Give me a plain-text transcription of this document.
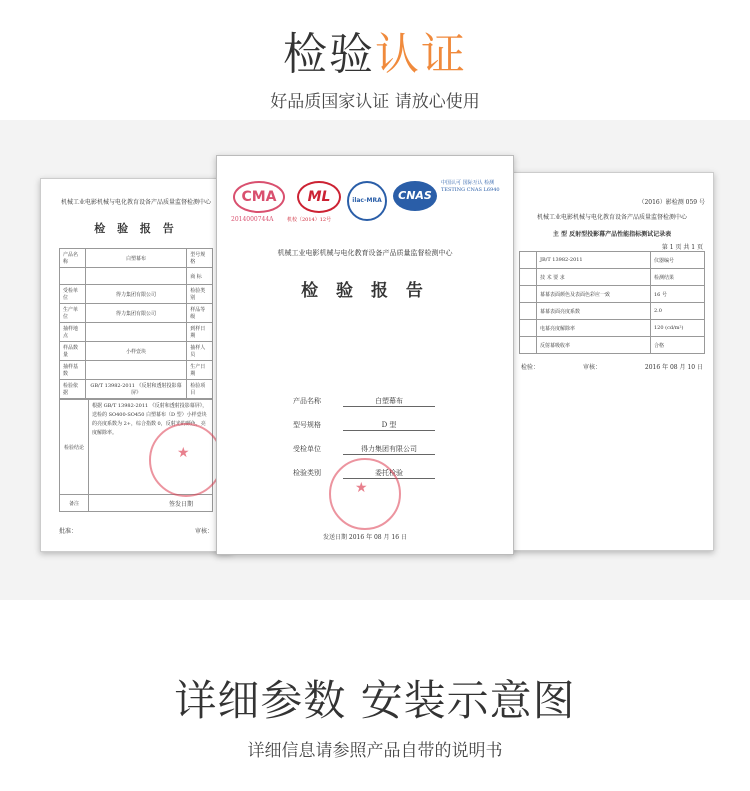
检验认证
好品质国家认证 请放心使用
机械工业电影机械与电化教育设备产品质量监督检测中心
检 验 报 告
产品名称	白塑幕布	型号规格
		商 标
受检单位	得力集团有限公司	检验类别
生产单位	得力集团有限公司	样品等级
抽样地点		到样日期
样品数量	小样壹块	抽样人员
抽样基数		生产日期
检验依据	GB/T 13982-2011 《反射和透射投影幕屏》	检验项目
检验结论	根据 GB/T 13982-2011 《反射和透射投影幕屏》，送检的 SO400-SO450 白塑幕布（D 型）小样壹块的亮度系数为 2+，综合指数 0，反射光的颜色，亮度解除率。
备注	
批准：	审核：
★
签发日期
（2016）影检测 059 号
机械工业电影机械与电化教育设备产品质量监督检测中心
主 型 反射型投影幕产品性能指标测试记录表
第 1 页 共 1 页
	JB/T 13982-2011	仪器编号
	技 术 要 求	检测结果
	幕幕表面颜色及表面色彩应一致	16 号
	幕幕表面亮度系数	2.0
	电幕亮度解除率	120 (cd/m²)
	反射幕吸收率	合格
检验：	审核：	2016 年 08 月 10 日
CMA
2014000744A
ML
机校（2014）12号
ilac-MRA	CNAS
中国认可 国际互认 检测 TESTING CNAS L6940
机械工业电影机械与电化教育设备产品质量监督检测中心
检 验 报 告
产品名称	白塑幕布
型号规格	D 型
受检单位	得力集团有限公司
检验类别	委托检验
★
发送日期 2016 年 08 月 16 日
详细参数 安装示意图
详细信息请参照产品自带的说明书
